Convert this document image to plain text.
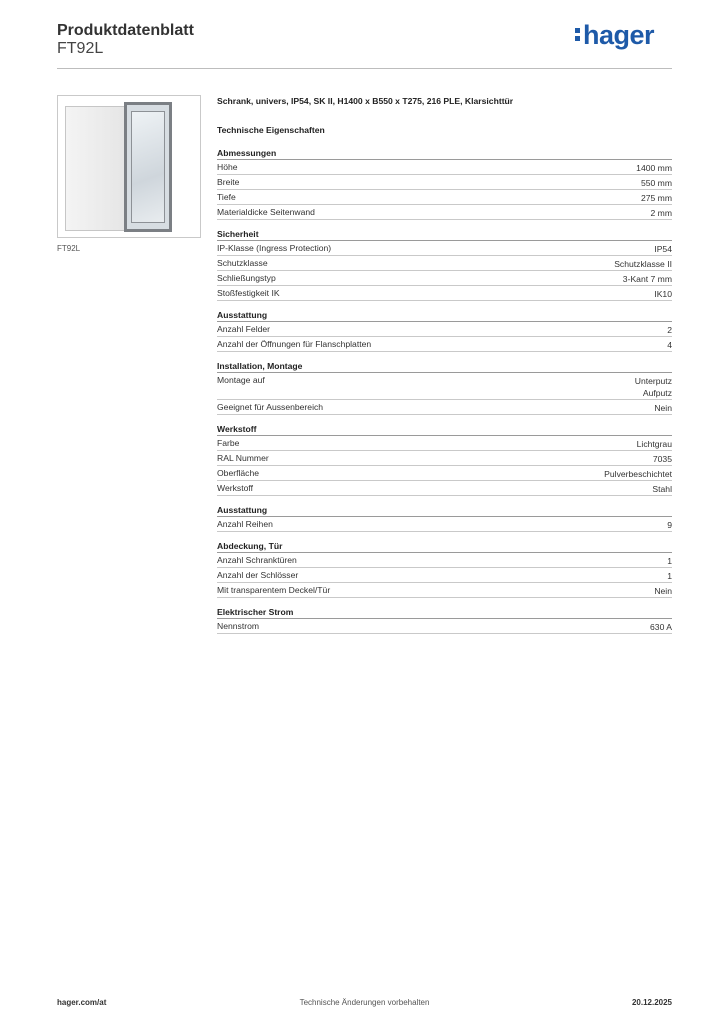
Produktdatenblatt
FT92L	hager
FT92L
Schrank, univers, IP54, SK II, H1400 x B550 x T275, 216 PLE, Klarsichttür
Technische Eigenschaften
Abmessungen
Höhe	1400 mm
Breite	550 mm
Tiefe	275 mm
Materialdicke Seitenwand	2 mm
Sicherheit
IP-Klasse (Ingress Protection)	IP54
Schutzklasse	Schutzklasse II
Schließungstyp	3-Kant 7 mm
Stoßfestigkeit IK	IK10
Ausstattung
Anzahl Felder	2
Anzahl der Öffnungen für Flanschplatten	4
Installation, Montage
Montage auf	Unterputz
Aufputz
Geeignet für Aussenbereich	Nein
Werkstoff
Farbe	Lichtgrau
RAL Nummer	7035
Oberfläche	Pulverbeschichtet
Werkstoff	Stahl
Ausstattung
Anzahl Reihen	9
Abdeckung, Tür
Anzahl Schranktüren	1
Anzahl der Schlösser	1
Mit transparentem Deckel/Tür	Nein
Elektrischer Strom
Nennstrom	630 A
hager.com/at	Technische Änderungen vorbehalten	20.12.2025
